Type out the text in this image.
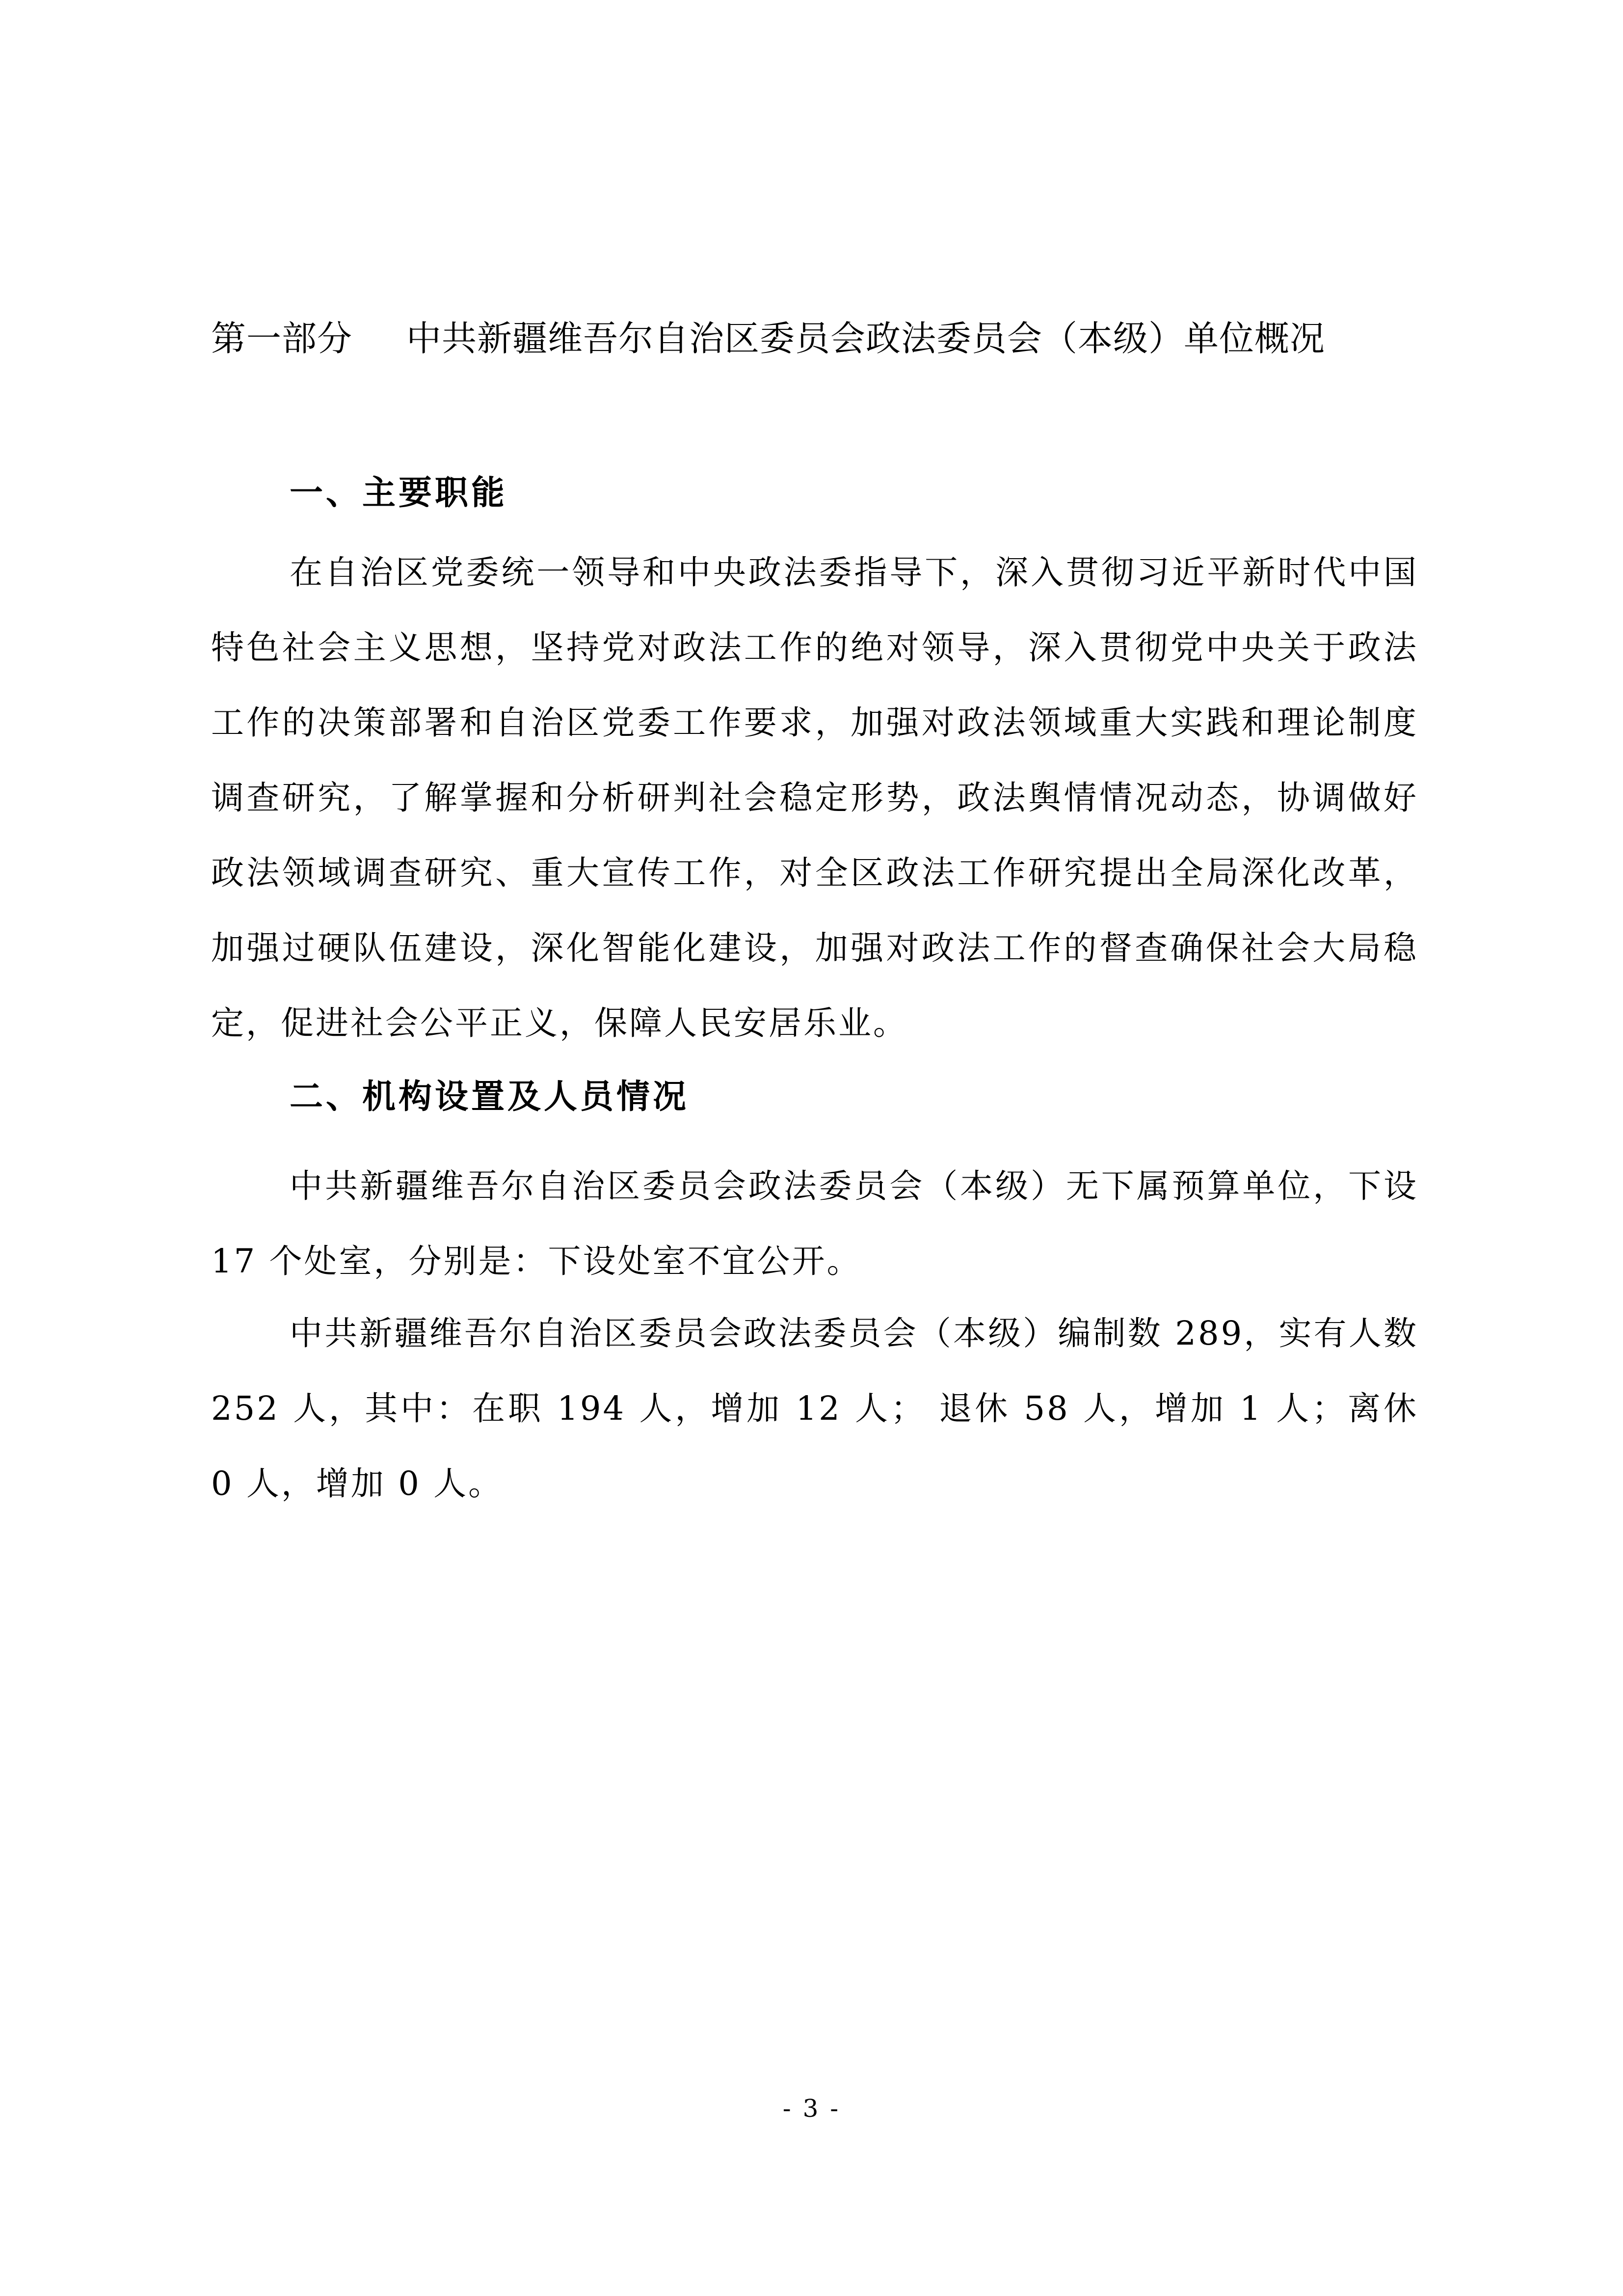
第一部分 中共新疆维吾尔自治区委员会政法委员会（本级）单位概况
一、主要职能

在自治区党委统一领导和中央政法委指导下，深入贯彻习近平新时代中国特色社会主义思想，坚持党对政法工作的绝对领导，深入贯彻党中央关于政法工作的决策部署和自治区党委工作要求，加强对政法领域重大实践和理论制度调查研究，了解掌握和分析研判社会稳定形势，政法舆情情况动态，协调做好政法领域调查研究、重大宣传工作，对全区政法工作研究提出全局深化改革，加强过硬队伍建设，深化智能化建设，加强对政法工作的督查确保社会大局稳定，促进社会公平正义，保障人民安居乐业。

二、机构设置及人员情况

中共新疆维吾尔自治区委员会政法委员会（本级）无下属预算单位，下设 17 个处室，分别是：下设处室不宜公开。

中共新疆维吾尔自治区委员会政法委员会（本级）编制数 289，实有人数 252 人，其中：在职 194 人，增加 12 人； 退休 58 人，增加 1 人；离休 0 人，增加 0 人。

- 3 -
